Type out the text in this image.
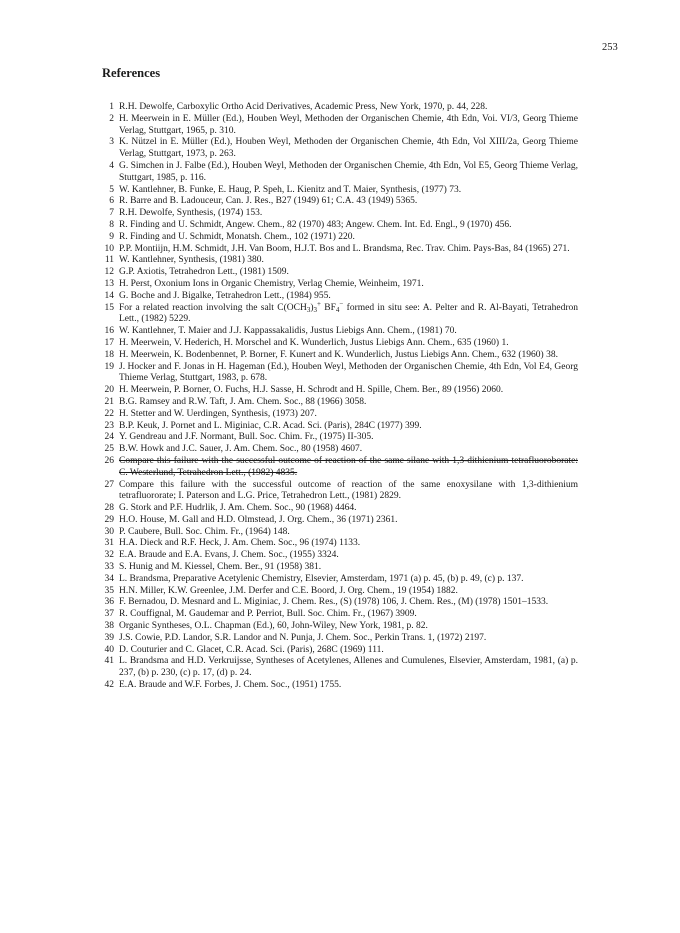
253
References
1 R.H. Dewolfe, Carboxylic Ortho Acid Derivatives, Academic Press, New York, 1970, p. 44, 228.
2 H. Meerwein in E. Müller (Ed.), Houben Weyl, Methoden der Organischen Chemie, 4th Edn, Voi. VI/3, Georg Thieme Verlag, Stuttgart, 1965, p. 310.
3 K. Nützel in E. Müller (Ed.), Houben Weyl, Methoden der Organischen Chemie, 4th Edn, Vol XIII/2a, Georg Thieme Verlag, Stuttgart, 1973, p. 263.
4 G. Simchen in J. Falbe (Ed.), Houben Weyl, Methoden der Organischen Chemie, 4th Edn, Vol E5, Georg Thieme Verlag, Stuttgart, 1985, p. 116.
5 W. Kantlehner, B. Funke, E. Haug, P. Speh, L. Kienitz and T. Maier, Synthesis, (1977) 73.
6 R. Barre and B. Ladouceur, Can. J. Res., B27 (1949) 61; C.A. 43 (1949) 5365.
7 R.H. Dewolfe, Synthesis, (1974) 153.
8 R. Finding and U. Schmidt, Angew. Chem., 82 (1970) 483; Angew. Chem. Int. Ed. Engl., 9 (1970) 456.
9 R. Finding and U. Schmidt, Monatsh. Chem., 102 (1971) 220.
10 P.P. Montiijn, H.M. Schmidt, J.H. Van Boom, H.J.T. Bos and L. Brandsma, Rec. Trav. Chim. Pays-Bas, 84 (1965) 271.
11 W. Kantlehner, Synthesis, (1981) 380.
12 G.P. Axiotis, Tetrahedron Lett., (1981) 1509.
13 H. Perst, Oxonium Ions in Organic Chemistry, Verlag Chemie, Weinheim, 1971.
14 G. Boche and J. Bigalke, Tetrahedron Lett., (1984) 955.
15 For a related reaction involving the salt $C(OCH_3)_3^+$ $BF_4^-$ formed in situ see: A. Pelter and R. Al-Bayati, Tetrahedron Lett., (1982) 5229.
16 W. Kantlehner, T. Maier and J.J. Kappassakalidis, Justus Liebigs Ann. Chem., (1981) 70.
17 H. Meerwein, V. Hederich, H. Morschel and K. Wunderlich, Justus Liebigs Ann. Chem., 635 (1960) 1.
18 H. Meerwein, K. Bodenbennet, P. Borner, F. Kunert and K. Wunderlich, Justus Liebigs Ann. Chem., 632 (1960) 38.
19 J. Hocker and F. Jonas in H. Hageman (Ed.), Houben Weyl, Methoden der Organischen Chemie, 4th Edn, Vol E4, Georg Thieme Verlag, Stuttgart, 1983, p. 678.
20 H. Meerwein, P. Borner, O. Fuchs, H.J. Sasse, H. Schrodt and H. Spille, Chem. Ber., 89 (1956) 2060.
21 B.G. Ramsey and R.W. Taft, J. Am. Chem. Soc., 88 (1966) 3058.
22 H. Stetter and W. Uerdingen, Synthesis, (1973) 207.
23 B.P. Keuk, J. Pornet and L. Miginiac, C.R. Acad. Sci. (Paris), 284C (1977) 399.
24 Y. Gendreau and J.F. Normant, Bull. Soc. Chim. Fr., (1975) II-305.
25 B.W. Howk and J.C. Sauer, J. Am. Chem. Soc., 80 (1958) 4607.
26 Compare this failure with the successful outcome of reaction of the same silane with 1,3-dithienium tetrafluoroborate: C. Westerlund, Tetrahedron Lett., (1982) 4835.
27 Compare this failure with the successful outcome of reaction of the same enoxysilane with 1,3-dithienium tetrafluororate; I. Paterson and L.G. Price, Tetrahedron Lett., (1981) 2829.
28 G. Stork and P.F. Hudrlik, J. Am. Chem. Soc., 90 (1968) 4464.
29 H.O. House, M. Gall and H.D. Olmstead, J. Org. Chem., 36 (1971) 2361.
30 P. Caubere, Bull. Soc. Chim. Fr., (1964) 148.
31 H.A. Dieck and R.F. Heck, J. Am. Chem. Soc., 96 (1974) 1133.
32 E.A. Braude and E.A. Evans, J. Chem. Soc., (1955) 3324.
33 S. Hunig and M. Kiessel, Chem. Ber., 91 (1958) 381.
34 L. Brandsma, Preparative Acetylenic Chemistry, Elsevier, Amsterdam, 1971 (a) p. 45, (b) p. 49, (c) p. 137.
35 H.N. Miller, K.W. Greenlee, J.M. Derfer and C.E. Boord, J. Org. Chem., 19 (1954) 1882.
36 F. Bernadou, D. Mesnard and L. Miginiac, J. Chem. Res., (S) (1978) 106, J. Chem. Res., (M) (1978) 1501–1533.
37 R. Couffignal, M. Gaudemar and P. Perriot, Bull. Soc. Chim. Fr., (1967) 3909.
38 Organic Syntheses, O.L. Chapman (Ed.), 60, John-Wiley, New York, 1981, p. 82.
39 J.S. Cowie, P.D. Landor, S.R. Landor and N. Punja, J. Chem. Soc., Perkin Trans. 1, (1972) 2197.
40 D. Couturier and C. Glacet, C.R. Acad. Sci. (Paris), 268C (1969) 111.
41 L. Brandsma and H.D. Verkruijsse, Syntheses of Acetylenes, Allenes and Cumulenes, Elsevier, Amsterdam, 1981, (a) p. 237, (b) p. 230, (c) p. 17, (d) p. 24.
42 E.A. Braude and W.F. Forbes, J. Chem. Soc., (1951) 1755.
